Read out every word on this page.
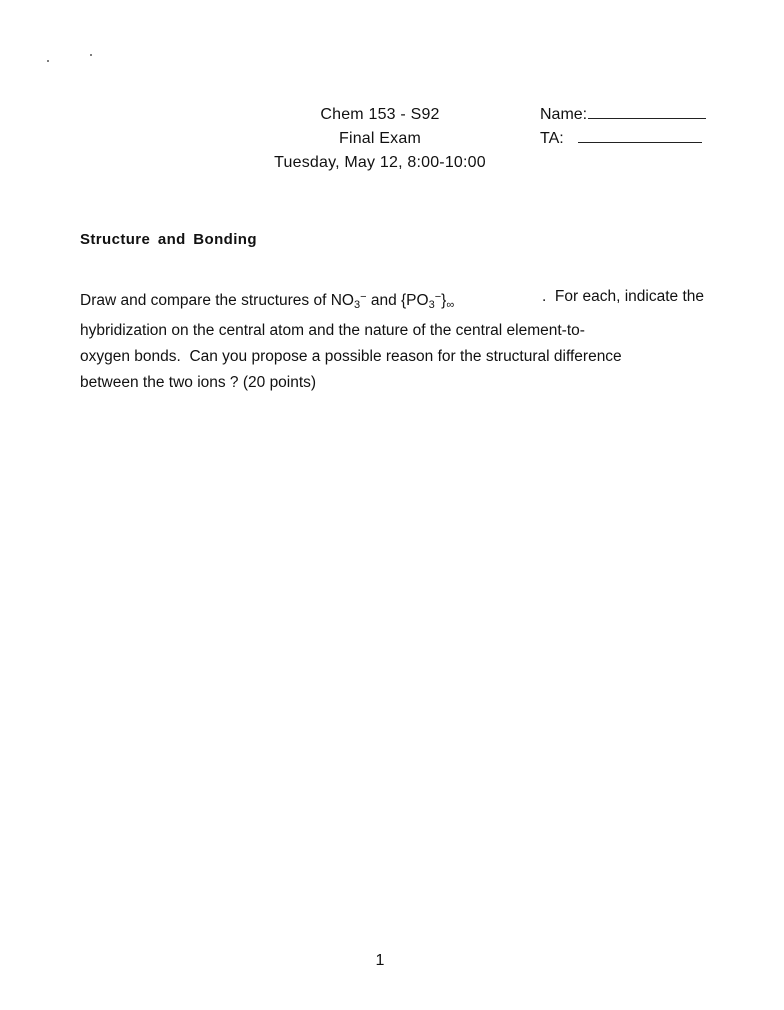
Chem 153 - S92
Final Exam
Tuesday, May 12, 8:00-10:00
Name:
TA:
Structure and Bonding
Draw and compare the structures of $NO_3^-$ and $\{PO_3^-\}\infty$	.  For each, indicate the
hybridization on the central atom and the nature of the central element-to-
oxygen bonds.  Can you propose a possible reason for the structural difference
between the two ions ? (20 points)
1
